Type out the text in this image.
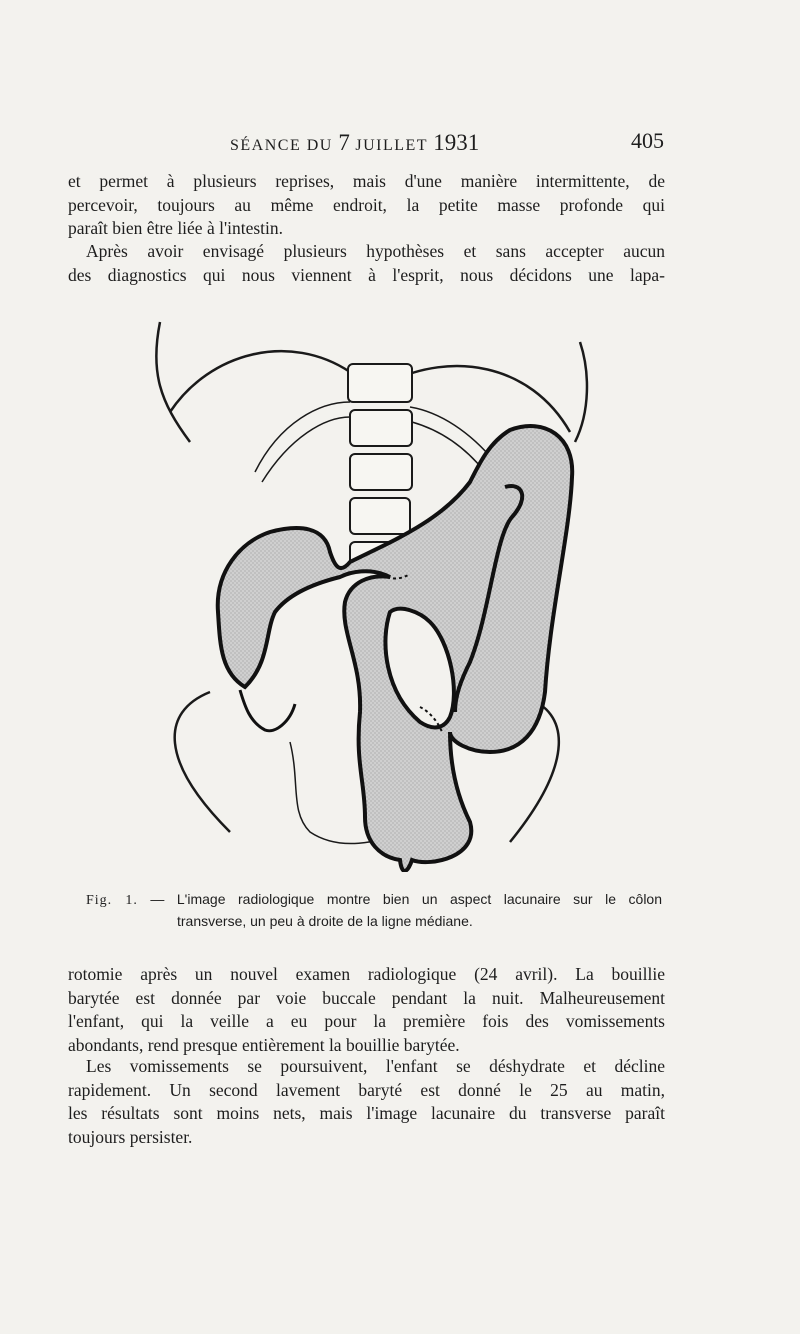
SÉANCE DU 7 JUILLET 1931	405

et permet à plusieurs reprises, mais d'une manière intermittente, de
percevoir, toujours au même endroit, la petite masse profonde qui
paraît bien être liée à l'intestin.

Après avoir envisagé plusieurs hypothèses et sans accepter aucun
des diagnostics qui nous viennent à l'esprit, nous décidons une lapa-

Fig. 1. — L'image radiologique montre bien un aspect lacunaire sur le côlon
transverse, un peu à droite de la ligne médiane.

rotomie après un nouvel examen radiologique (24 avril). La bouillie
barytée est donnée par voie buccale pendant la nuit. Malheureusement
l'enfant, qui la veille a eu pour la première fois des vomissements
abondants, rend presque entièrement la bouillie barytée.

Les vomissements se poursuivent, l'enfant se déshydrate et décline
rapidement. Un second lavement baryté est donné le 25 au matin,
les résultats sont moins nets, mais l'image lacunaire du transverse paraît
toujours persister.
